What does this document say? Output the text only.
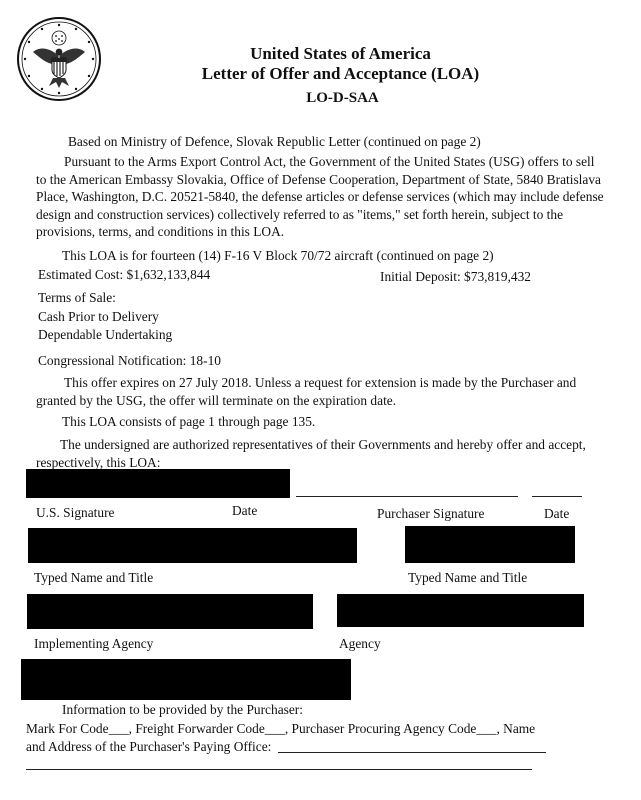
United States of America
Letter of Offer and Acceptance (LOA)
LO-D-SAA
Based on Ministry of Defence, Slovak Republic Letter (continued on page 2)
Pursuant to the Arms Export Control Act, the Government of the United States (USG) offers to sell to the American Embassy Slovakia, Office of Defense Cooperation, Department of State, 5840 Bratislava Place, Washington, D.C. 20521-5840, the defense articles or defense services (which may include defense design and construction services) collectively referred to as "items," set forth herein, subject to the provisions, terms, and conditions in this LOA.
This LOA is for fourteen (14) F-16 V Block 70/72 aircraft (continued on page 2)
Estimated Cost: $1,632,133,844	Initial Deposit: $73,819,432
Terms of Sale:
Cash Prior to Delivery
Dependable Undertaking
Congressional Notification: 18-10
This offer expires on 27 July 2018. Unless a request for extension is made by the Purchaser and granted by the USG, the offer will terminate on the expiration date.
This LOA consists of page 1 through page 135.
The undersigned are authorized representatives of their Governments and hereby offer and accept, respectively, this LOA:
U.S. Signature	Date	Purchaser Signature	Date
Typed Name and Title	Typed Name and Title
Implementing Agency	Agency
Information to be provided by the Purchaser:
Mark For Code___, Freight Forwarder Code___, Purchaser Procuring Agency Code___, Name
and Address of the Purchaser's Paying Office:
